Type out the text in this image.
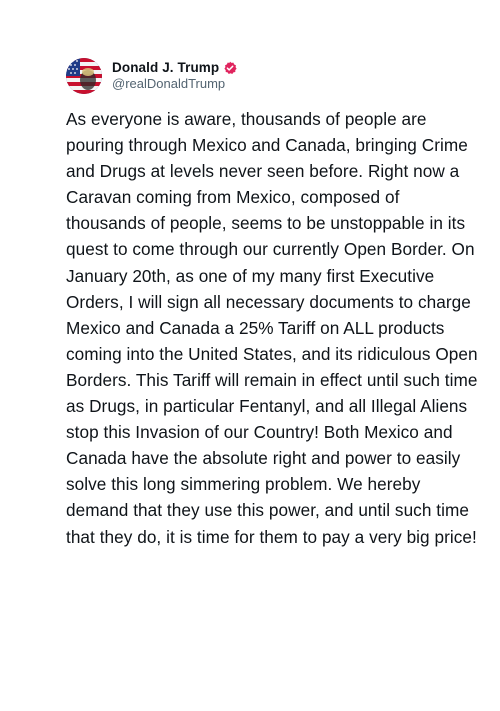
Donald J. Trump
@realDonaldTrump
As everyone is aware, thousands of people are pouring through Mexico and Canada, bringing Crime and Drugs at levels never seen before. Right now a Caravan coming from Mexico, composed of thousands of people, seems to be unstoppable in its quest to come through our currently Open Border. On January 20th, as one of my many first Executive Orders, I will sign all necessary documents to charge Mexico and Canada a 25% Tariff on ALL products coming into the United States, and its ridiculous Open Borders. This Tariff will remain in effect until such time as Drugs, in particular Fentanyl, and all Illegal Aliens stop this Invasion of our Country! Both Mexico and Canada have the absolute right and power to easily solve this long simmering problem. We hereby demand that they use this power, and until such time that they do, it is time for them to pay a very big price!
